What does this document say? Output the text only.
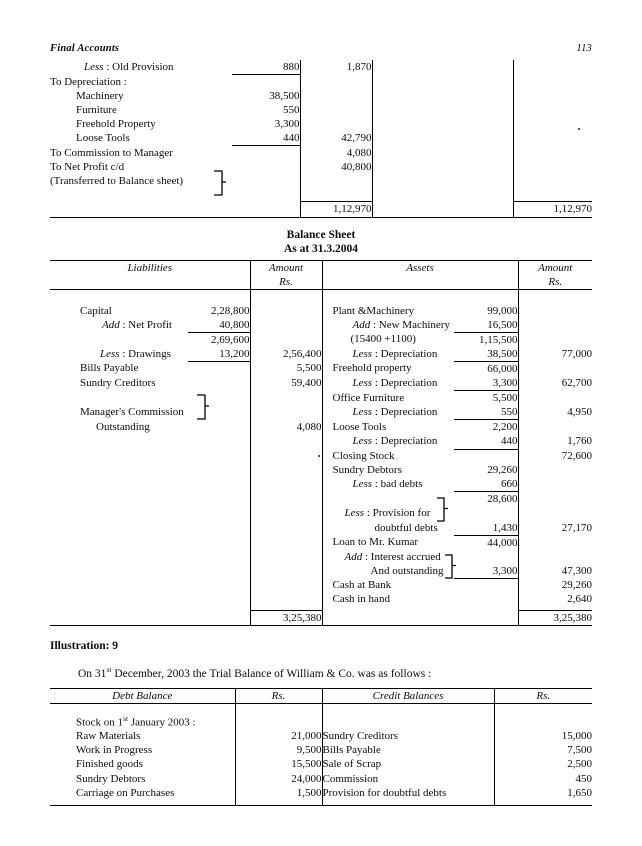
Final Accounts	113
Less : Old Provision	880	1,870		
To Depreciation :				
Machinery	38,500			
Furniture	550			
Freehold Property	3,300			
Loose Tools	440	42,790		
To Commission to Manager		4,080		
To Net Profit c/d		40,800		
(Transferred to Balance sheet)				

		1,12,970		1,12,970
Balance Sheet
As at 31.3.2004
Liabilities		Amount
Rs.	Assets		Amount
Rs.

Capital	2,28,800		Plant &Machinery	99,000	
Add : Net Profit	40,800		Add : New Machinery	16,500	
	2,69,600		(15400 +1100)	1,15,500	
Less : Drawings	13,200	2,56,400	Less : Depreciation	38,500	77,000
Bills Payable		5,500	Freehold property	66,000	
Sundry Creditors		59,400	Less : Depreciation	3,300	62,700
			Office Furniture	5,500	
Manager's Commission			Less : Depreciation	550	4,950
Outstanding		4,080	Loose Tools	2,200	
			Less : Depreciation	440	1,760
			Closing Stock		72,600
			Sundry Debtors	29,260	
			Less : bad debts	660	
				28,600	
			Less : Provision for		
			doubtful debts	1,430	27,170
			Loan to Mr. Kumar	44,000	
			Add : Interest accrued		
			And outstanding	3,300	47,300
			Cash at Bank		29,260
			Cash in hand		2,640

		3,25,380			3,25,380
Illustration: 9
On 31st December, 2003 the Trial Balance of William & Co. was as follows :
Debt Balance	Rs.	Credit Balances	Rs.

Stock on 1st January 2003 :			
Raw Materials	21,000	Sundry Creditors	15,000
Work in Progress	9,500	Bills Payable	7,500
Finished goods	15,500	Sale of Scrap	2,500
Sundry Debtors	24,000	Commission	450
Carriage on Purchases	1,500	Provision for doubtful debts	1,650
